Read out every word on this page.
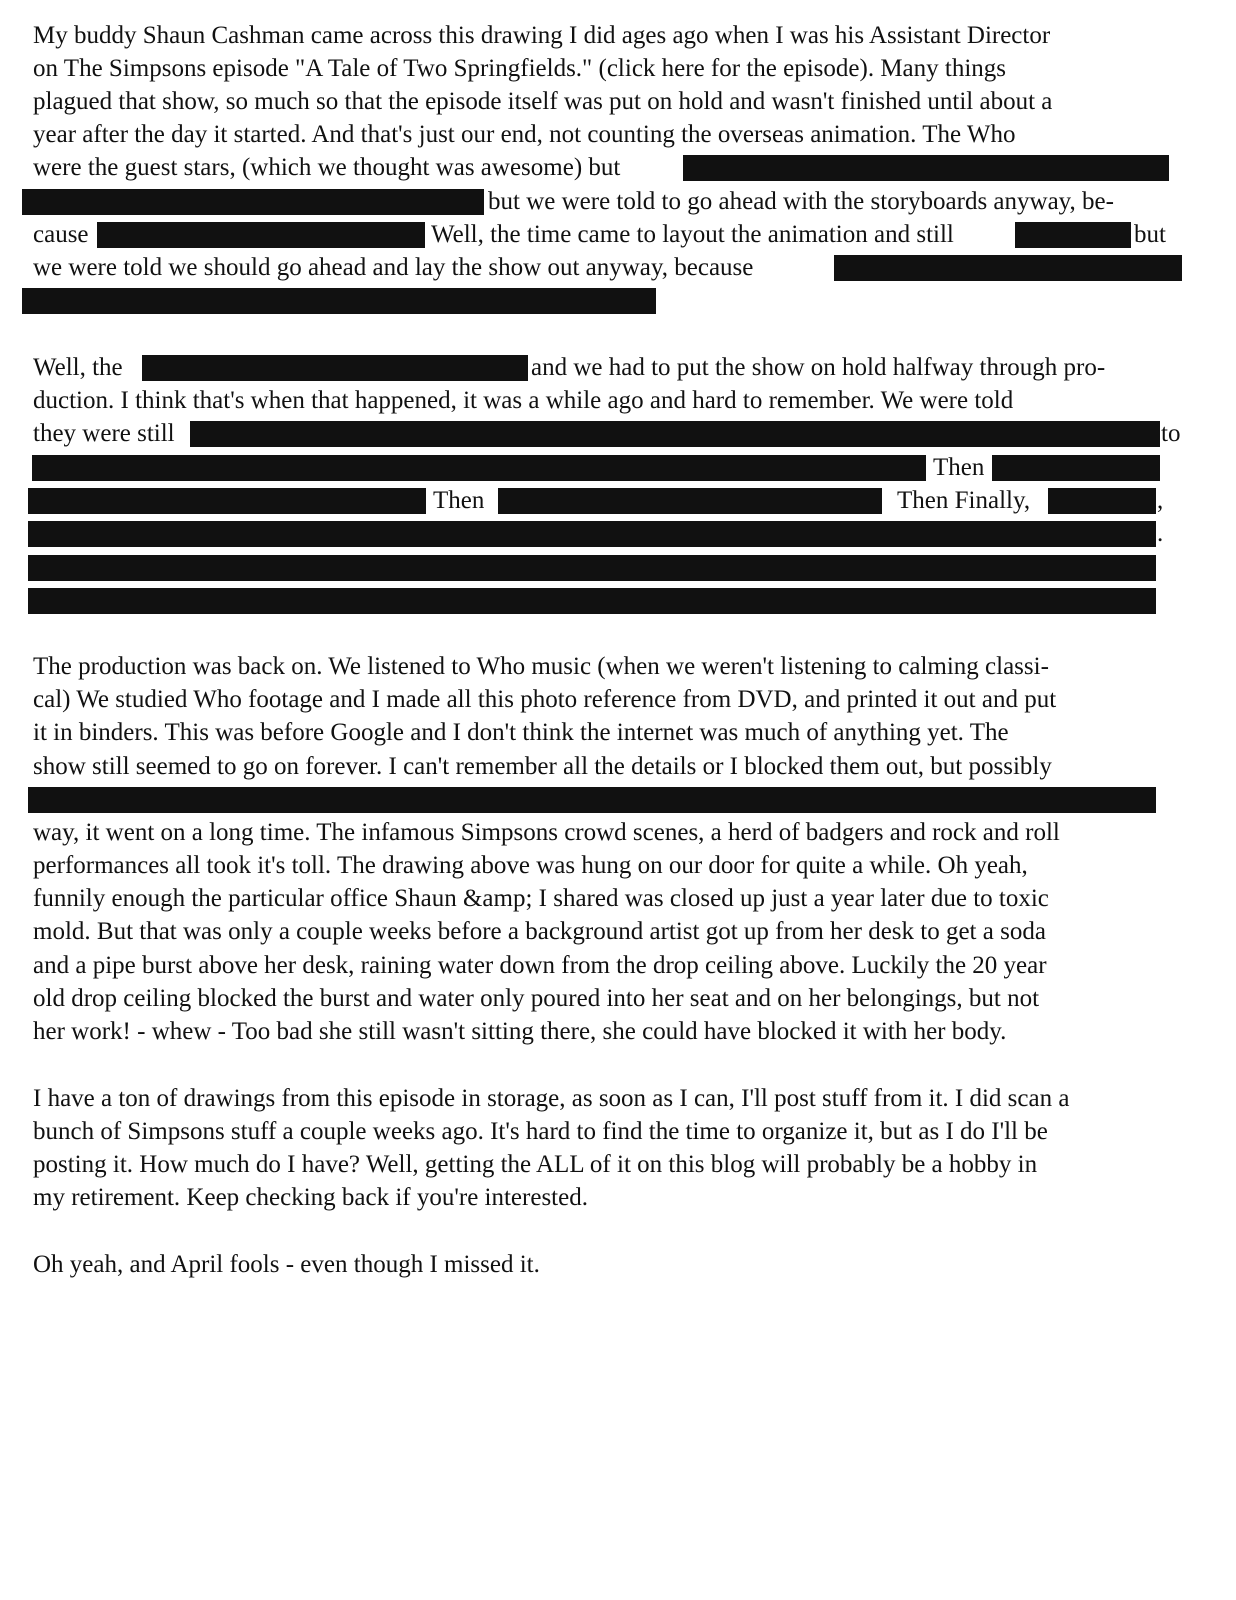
My buddy Shaun Cashman came across this drawing I did ages ago when I was his Assistant Director
on The Simpsons episode "A Tale of Two Springfields." (click here for the episode). Many things
plagued that show, so much so that the episode itself was put on hold and wasn't finished until about a
year after the day it started. And that's just our end, not counting the overseas animation. The Who
were the guest stars, (which we thought was awesome) but
but we were told to go ahead with the storyboards anyway, be-
cause	Well, the time came to layout the animation and still	but
we were told we should go ahead and lay the show out anyway, because
Well, the	and we had to put the show on hold halfway through pro-
duction. I think that's when that happened, it was a while ago and hard to remember. We were told
they were still	to
Then
Then	Then Finally,	,
.
The production was back on. We listened to Who music (when we weren't listening to calming classi-
cal) We studied Who footage and I made all this photo reference from DVD, and printed it out and put
it in binders. This was before Google and I don't think the internet was much of anything yet. The
show still seemed to go on forever. I can't remember all the details or I blocked them out, but possibly
way, it went on a long time. The infamous Simpsons crowd scenes, a herd of badgers and rock and roll
performances all took it's toll. The drawing above was hung on our door for quite a while. Oh yeah,
funnily enough the particular office Shaun &amp; I shared was closed up just a year later due to toxic
mold. But that was only a couple weeks before a background artist got up from her desk to get a soda
and a pipe burst above her desk, raining water down from the drop ceiling above. Luckily the 20 year
old drop ceiling blocked the burst and water only poured into her seat and on her belongings, but not
her work! - whew - Too bad she still wasn't sitting there, she could have blocked it with her body.
I have a ton of drawings from this episode in storage, as soon as I can, I'll post stuff from it. I did scan a
bunch of Simpsons stuff a couple weeks ago. It's hard to find the time to organize it, but as I do I'll be
posting it. How much do I have? Well, getting the ALL of it on this blog will probably be a hobby in
my retirement. Keep checking back if you're interested.
Oh yeah, and April fools - even though I missed it.
